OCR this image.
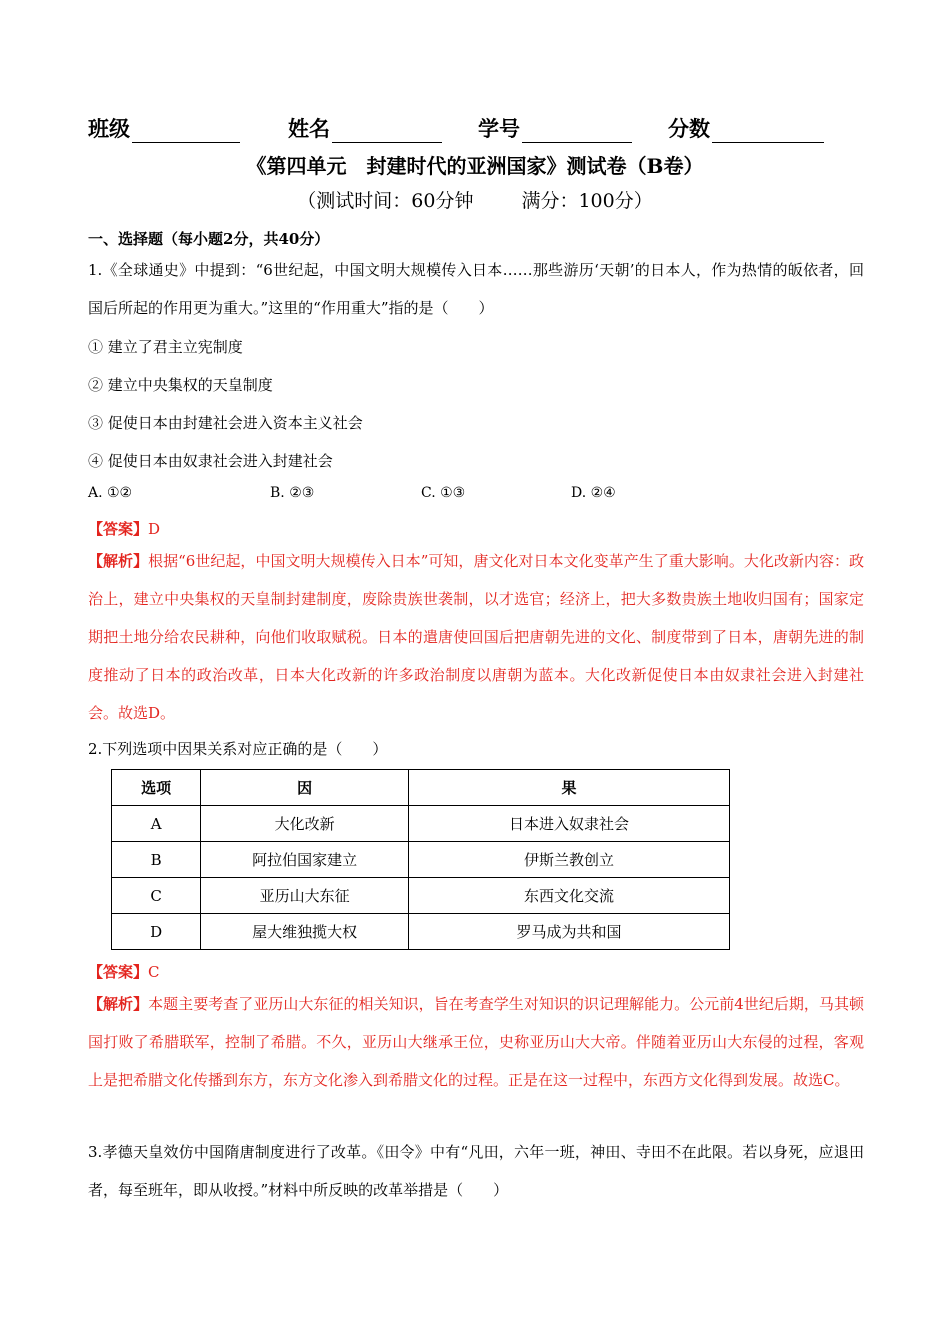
班级	姓名	学号	分数
《第四单元　封建时代的亚洲国家》测试卷（B卷）
（测试时间：60分钟	满分：100分）
一、选择题（每小题2分，共40分）
1.《全球通史》中提到：“6世纪起，中国文明大规模传入日本……那些游历‘天朝’的日本人，作为热情的皈依者，回国后所起的作用更为重大。”这里的“作用重大”指的是（　　）
① 建立了君主立宪制度
② 建立中央集权的天皇制度
③ 促使日本由封建社会进入资本主义社会
④ 促使日本由奴隶社会进入封建社会
A. ①②	B. ②③	C. ①③	D. ②④
【答案】D
【解析】根据“6世纪起，中国文明大规模传入日本”可知，唐文化对日本文化变革产生了重大影响。大化改新内容：政治上，建立中央集权的天皇制封建制度，废除贵族世袭制，以才选官；经济上，把大多数贵族土地收归国有；国家定期把土地分给农民耕种，向他们收取赋税。日本的遣唐使回国后把唐朝先进的文化、制度带到了日本，唐朝先进的制度推动了日本的政治改革，日本大化改新的许多政治制度以唐朝为蓝本。大化改新促使日本由奴隶社会进入封建社会。故选D。
2.下列选项中因果关系对应正确的是（　　）
选项	因	果
A	大化改新	日本进入奴隶社会
B	阿拉伯国家建立	伊斯兰教创立
C	亚历山大东征	东西文化交流
D	屋大维独揽大权	罗马成为共和国
【答案】C
【解析】本题主要考查了亚历山大东征的相关知识，旨在考查学生对知识的识记理解能力。公元前4世纪后期，马其顿国打败了希腊联军，控制了希腊。不久，亚历山大继承王位，史称亚历山大大帝。伴随着亚历山大东侵的过程，客观上是把希腊文化传播到东方，东方文化渗入到希腊文化的过程。正是在这一过程中，东西方文化得到发展。故选C。
3.孝德天皇效仿中国隋唐制度进行了改革。《田令》中有“凡田，六年一班，神田、寺田不在此限。若以身死，应退田者，每至班年，即从收授。”材料中所反映的改革举措是（　　）
